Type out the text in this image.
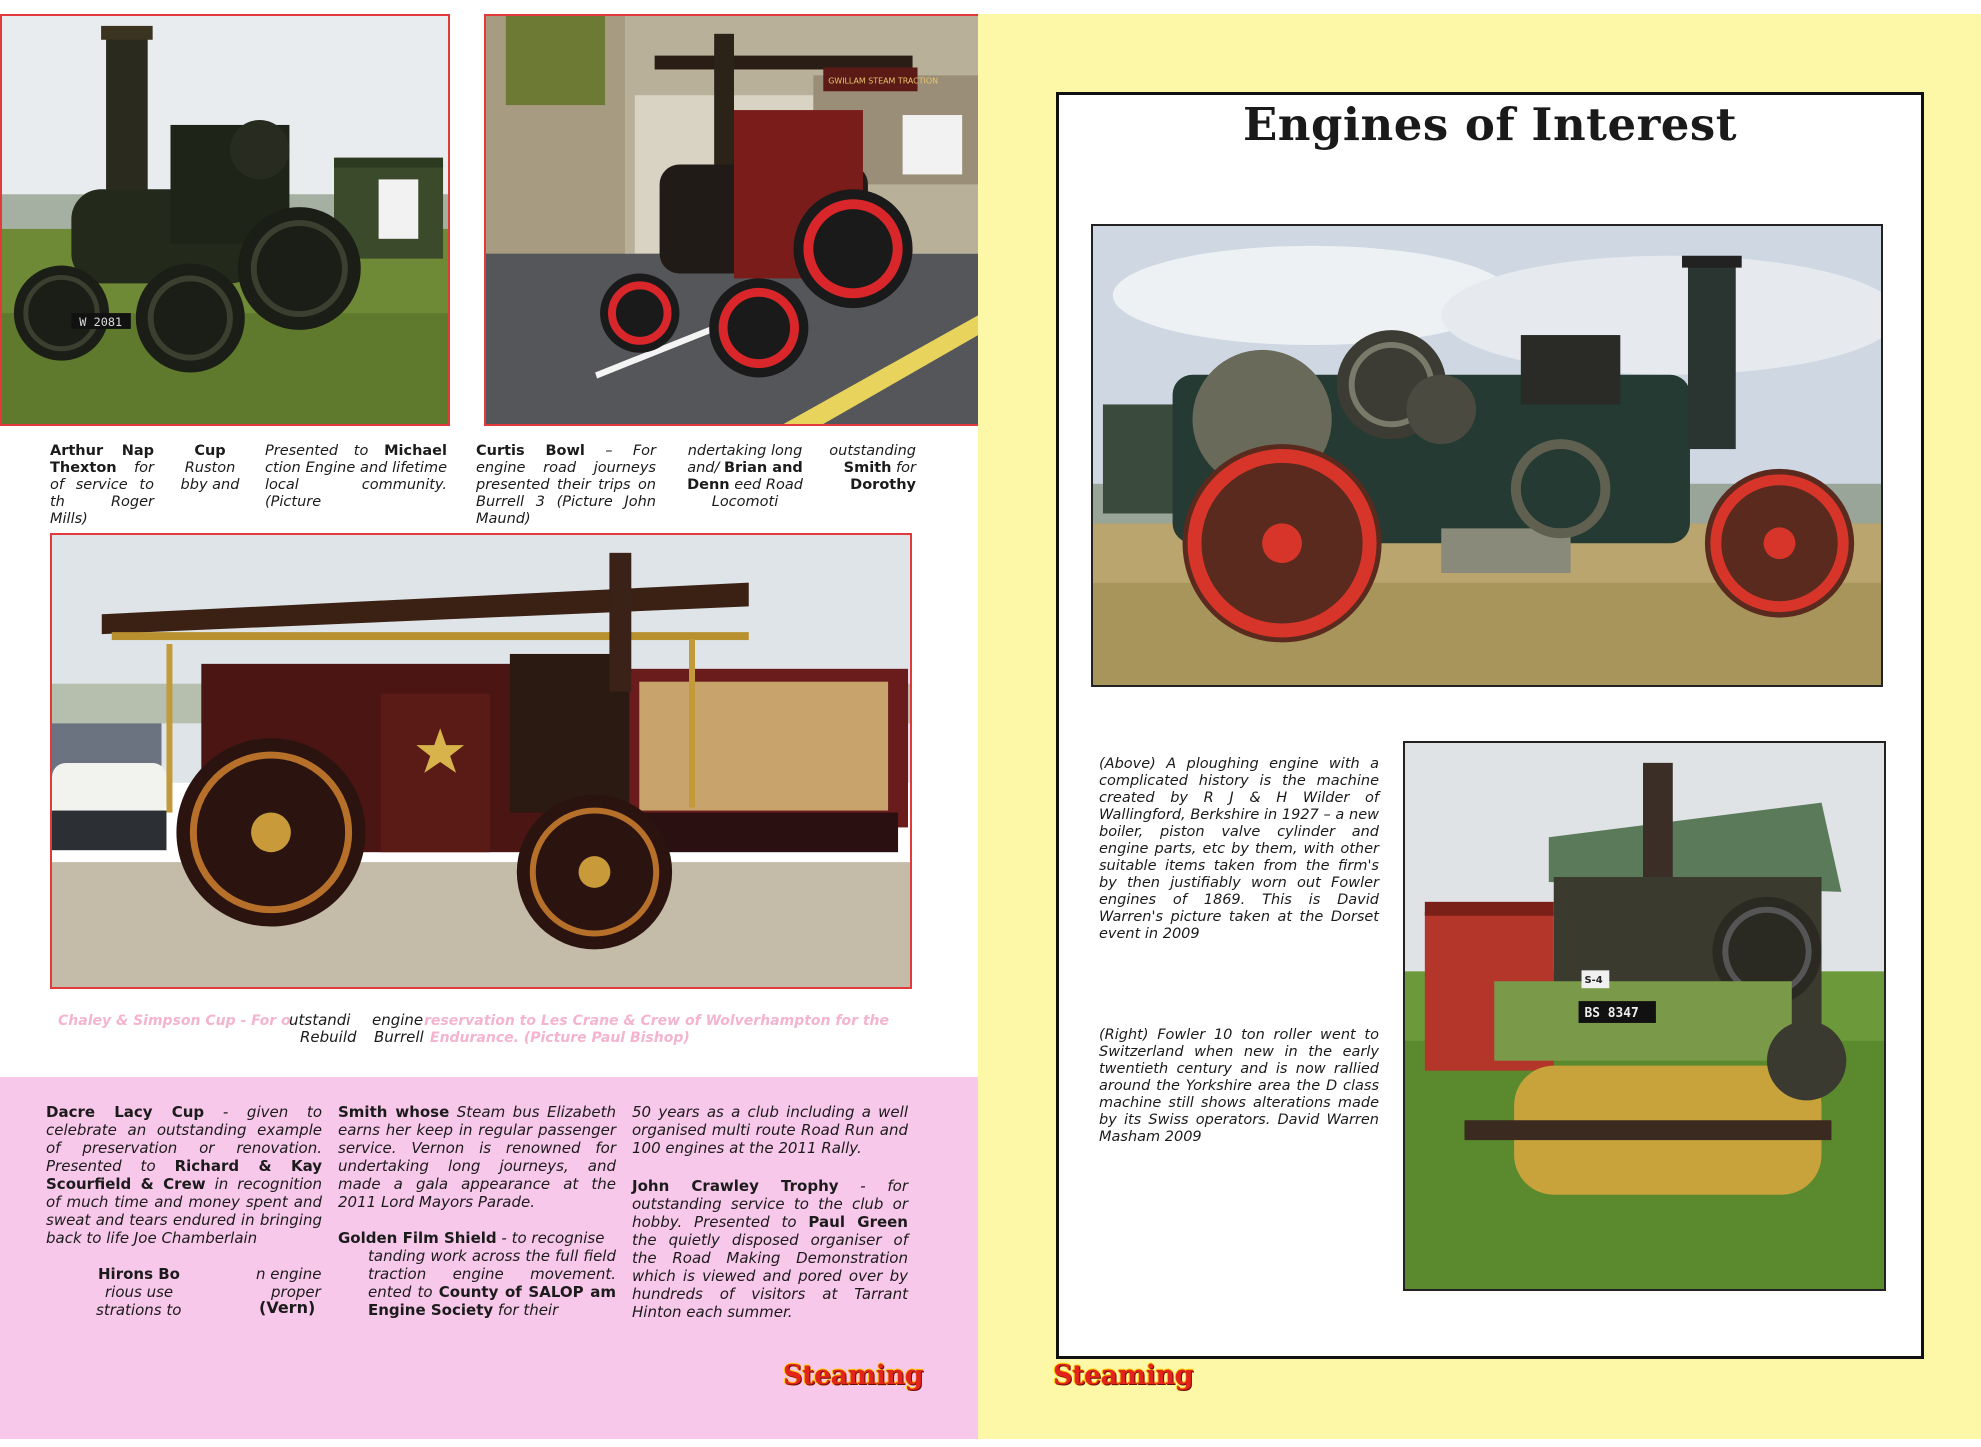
W 2081
GWILLAM STEAM TRACTION
Arthur Nap Thexton for of service to th Roger Mills)
Cup
Ruston
bby and
Presented to Michael ction Engine and lifetime local community. (Picture
Curtis Bowl – For engine road journeys presented their trips on Burrell 3 (Picture John Maund)
ndertaking long and/ Brian and Denn eed Road Locomoti
outstanding Smith for Dorothy
Chaley & Simpson Cup - For o
utstandi engine reservation to Les Crane & Crew of Wolverhampton for the
Rebuild Burrell Endurance. (Picture Paul Bishop)
Dacre Lacy Cup - given to celebrate an outstanding example of preservation or renovation. Presented to Richard & Kay Scourfield & Crew in recognition of much time and money spent and sweat and tears endured in bringing back to life Joe Chamberlain
Hirons Bo	n engine
rious use	proper
strations to	(Vern)
Smith whose Steam bus Elizabeth earns her keep in regular passenger service. Vernon is renowned for undertaking long journeys, and made a gala appearance at the 2011 Lord Mayors Parade.
Golden Film Shield - to recognise
tanding work across the full field traction engine movement. ented to County of SALOP am Engine Society for their
50 years as a club including a well organised multi route Road Run and 100 engines at the 2011 Rally.
John Crawley Trophy - for outstanding service to the club or hobby. Presented to Paul Green the quietly disposed organiser of the Road Making Demonstration which is viewed and pored over by hundreds of visitors at Tarrant Hinton each summer.
Steaming
Engines of Interest
(Above) A ploughing engine with a complicated history is the machine created by R J & H Wilder of Wallingford, Berkshire in 1927 – a new boiler, piston valve cylinder and engine parts, etc by them, with other suitable items taken from the firm's by then justifiably worn out Fowler engines of 1869. This is David Warren's picture taken at the Dorset event in 2009
BS 8347
S-4
(Right) Fowler 10 ton roller went to Switzerland when new in the early twentieth century and is now rallied around the Yorkshire area the D class machine still shows alterations made by its Swiss operators. David Warren Masham 2009
Steaming
